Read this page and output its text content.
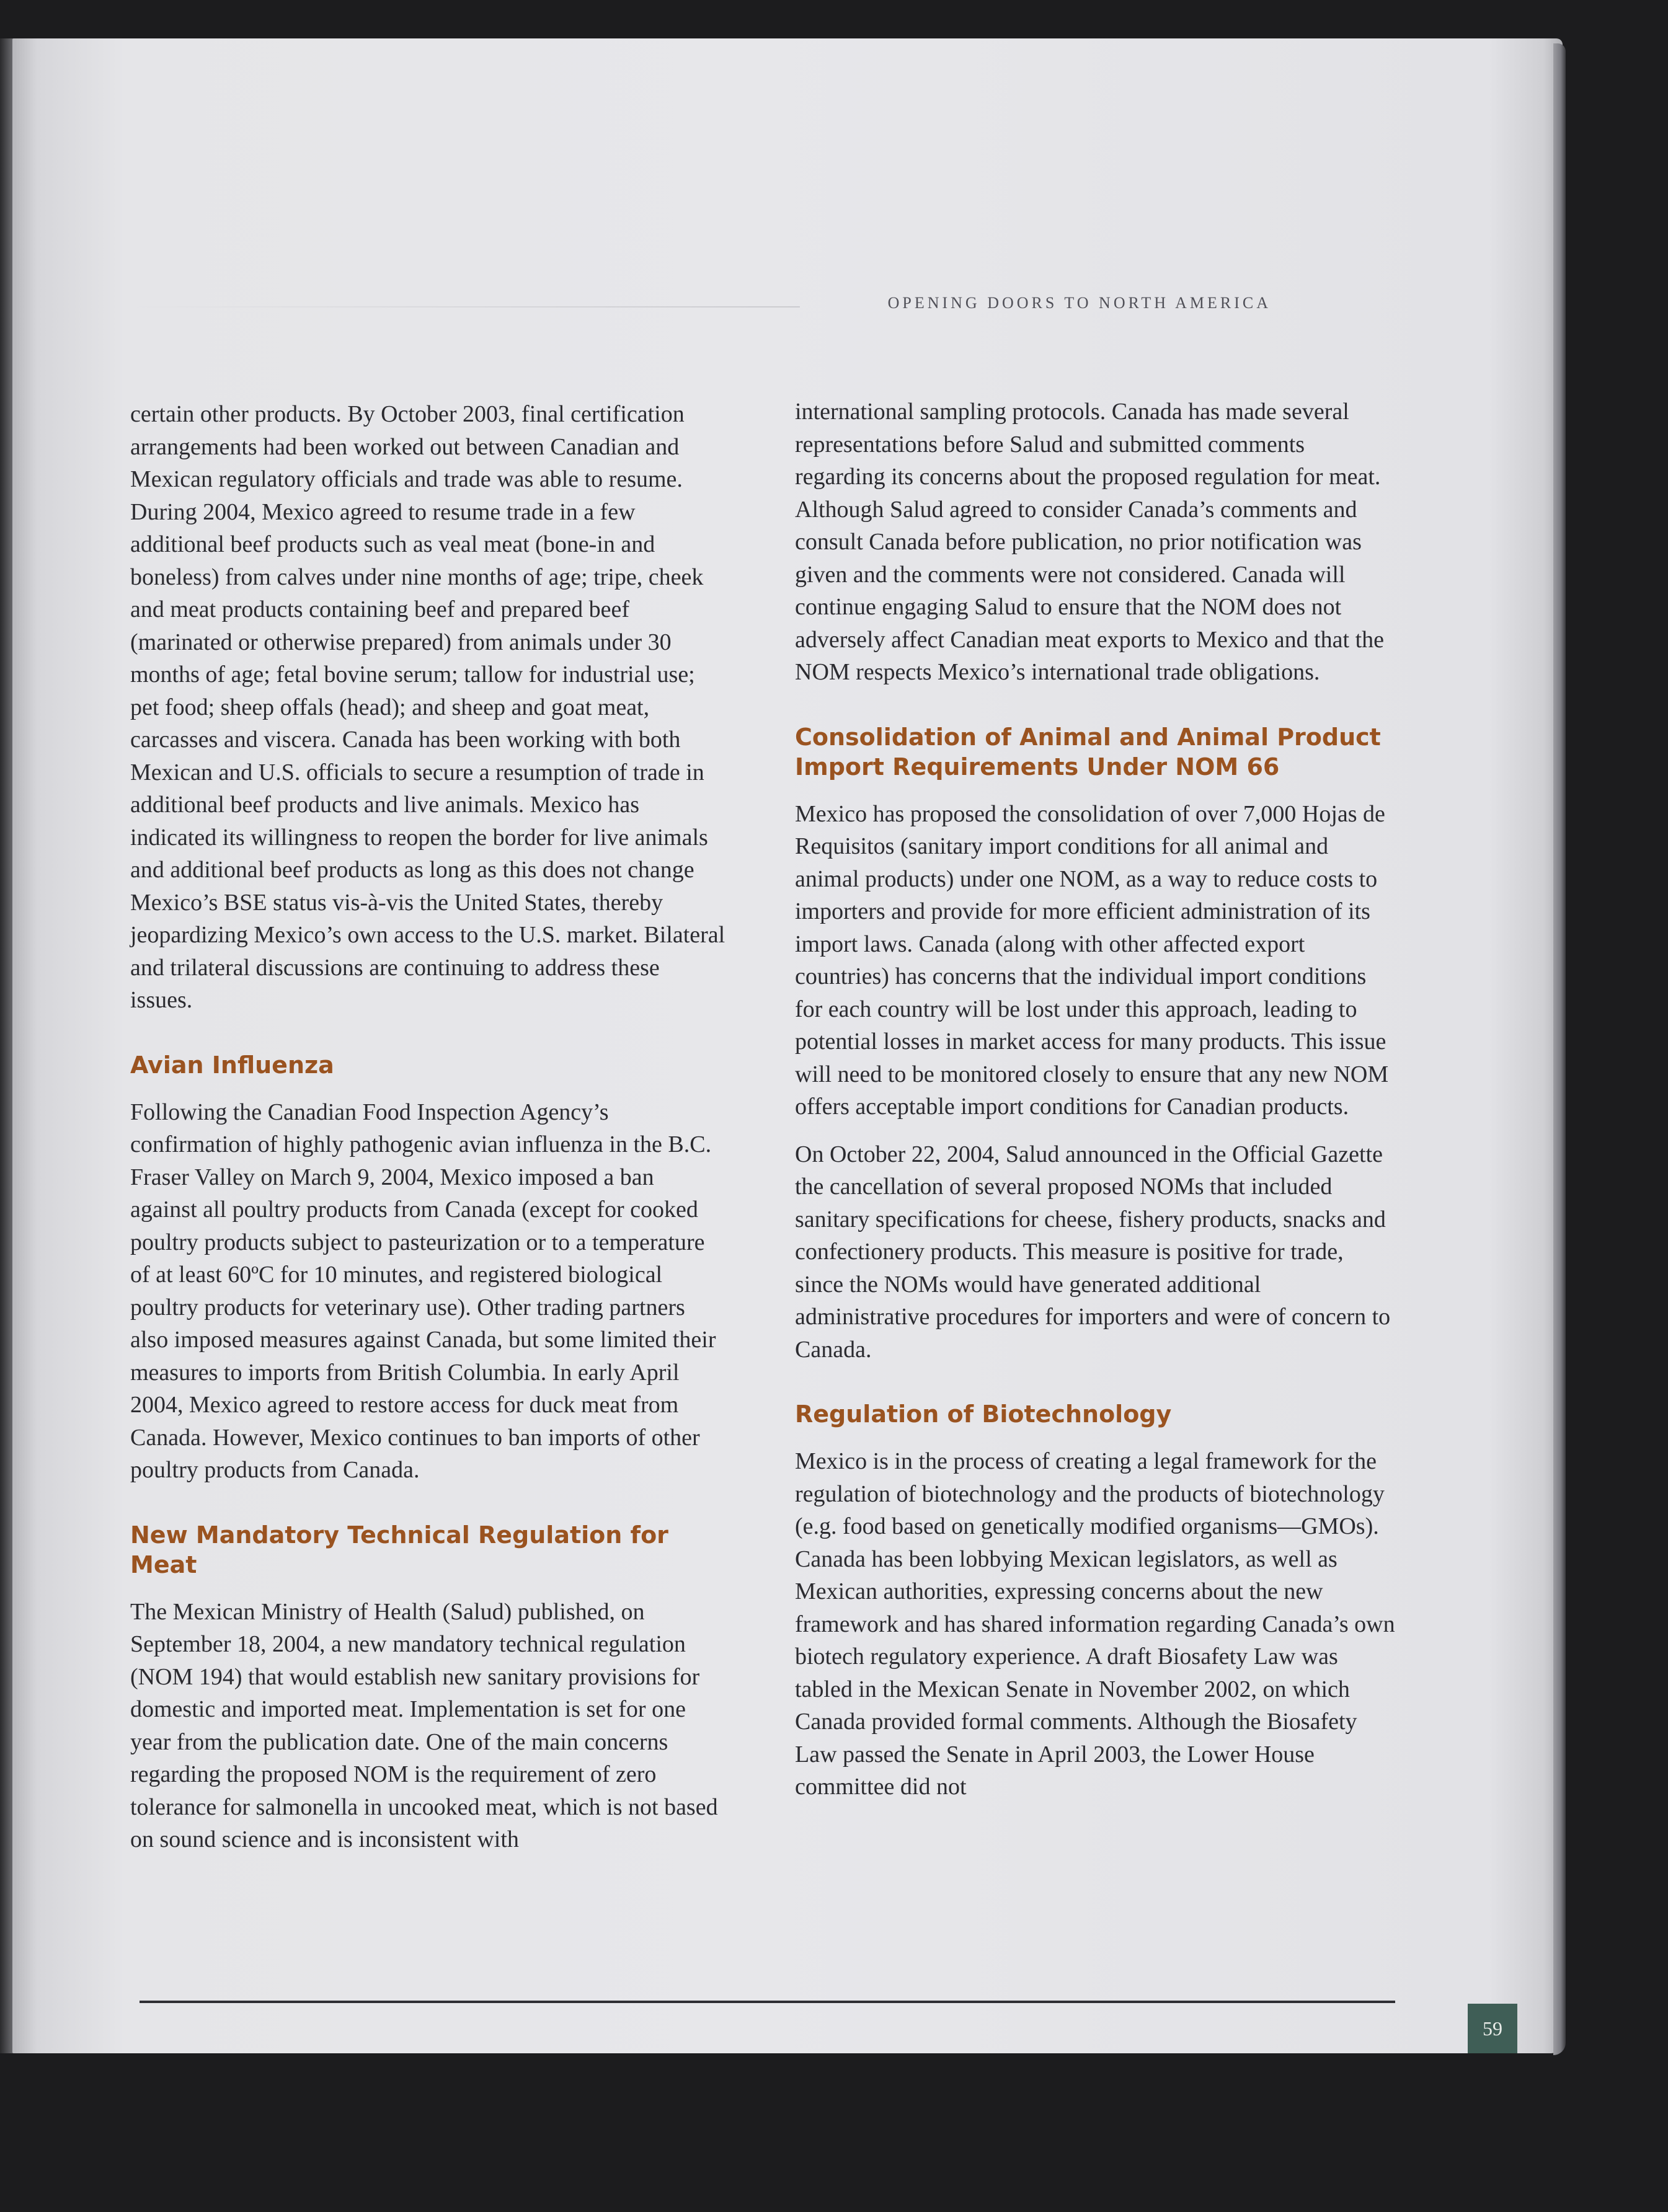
OPENING DOORS TO NORTH AMERICA

certain other products. By October 2003, final certification arrangements had been worked out between Canadian and Mexican regulatory officials and trade was able to resume. During 2004, Mexico agreed to resume trade in a few additional beef products such as veal meat (bone-in and boneless) from calves under nine months of age; tripe, cheek and meat products containing beef and prepared beef (marinated or otherwise prepared) from animals under 30 months of age; fetal bovine serum; tallow for industrial use; pet food; sheep offals (head); and sheep and goat meat, carcasses and viscera. Canada has been working with both Mexican and U.S. officials to secure a resumption of trade in additional beef products and live animals. Mexico has indicated its willingness to reopen the border for live animals and additional beef products as long as this does not change Mexico’s BSE status vis-à-vis the United States, thereby jeopardizing Mexico’s own access to the U.S. market. Bilateral and trilateral discussions are continuing to address these issues.

Avian Influenza

Following the Canadian Food Inspection Agency’s confirmation of highly pathogenic avian influenza in the B.C. Fraser Valley on March 9, 2004, Mexico imposed a ban against all poultry products from Canada (except for cooked poultry products subject to pasteurization or to a temperature of at least 60ºC for 10 minutes, and registered biological poultry products for veterinary use). Other trading partners also imposed measures against Canada, but some limited their measures to imports from British Columbia. In early April 2004, Mexico agreed to restore access for duck meat from Canada. However, Mexico continues to ban imports of other poultry products from Canada.

New Mandatory Technical Regulation for Meat

The Mexican Ministry of Health (Salud) published, on September 18, 2004, a new mandatory technical regulation (NOM 194) that would establish new sanitary provisions for domestic and imported meat. Implementation is set for one year from the publication date. One of the main concerns regarding the proposed NOM is the requirement of zero tolerance for salmonella in uncooked meat, which is not based on sound science and is inconsistent with

international sampling protocols. Canada has made several representations before Salud and submitted comments regarding its concerns about the proposed regulation for meat. Although Salud agreed to consider Canada’s comments and consult Canada before publication, no prior notification was given and the comments were not considered. Canada will continue engaging Salud to ensure that the NOM does not adversely affect Canadian meat exports to Mexico and that the NOM respects Mexico’s international trade obligations.

Consolidation of Animal and Animal Product Import Requirements Under NOM 66

Mexico has proposed the consolidation of over 7,000 Hojas de Requisitos (sanitary import conditions for all animal and animal products) under one NOM, as a way to reduce costs to importers and provide for more efficient administration of its import laws. Canada (along with other affected export countries) has concerns that the individual import conditions for each country will be lost under this approach, leading to potential losses in market access for many products. This issue will need to be monitored closely to ensure that any new NOM offers acceptable import conditions for Canadian products.

On October 22, 2004, Salud announced in the Official Gazette the cancellation of several proposed NOMs that included sanitary specifications for cheese, fishery products, snacks and confectionery products. This measure is positive for trade, since the NOMs would have generated additional administrative procedures for importers and were of concern to Canada.

Regulation of Biotechnology

Mexico is in the process of creating a legal framework for the regulation of biotechnology and the products of biotechnology (e.g. food based on genetically modified organisms—GMOs). Canada has been lobbying Mexican legislators, as well as Mexican authorities, expressing concerns about the new framework and has shared information regarding Canada’s own biotech regulatory experience. A draft Biosafety Law was tabled in the Mexican Senate in November 2002, on which Canada provided formal comments. Although the Biosafety Law passed the Senate in April 2003, the Lower House committee did not

59
